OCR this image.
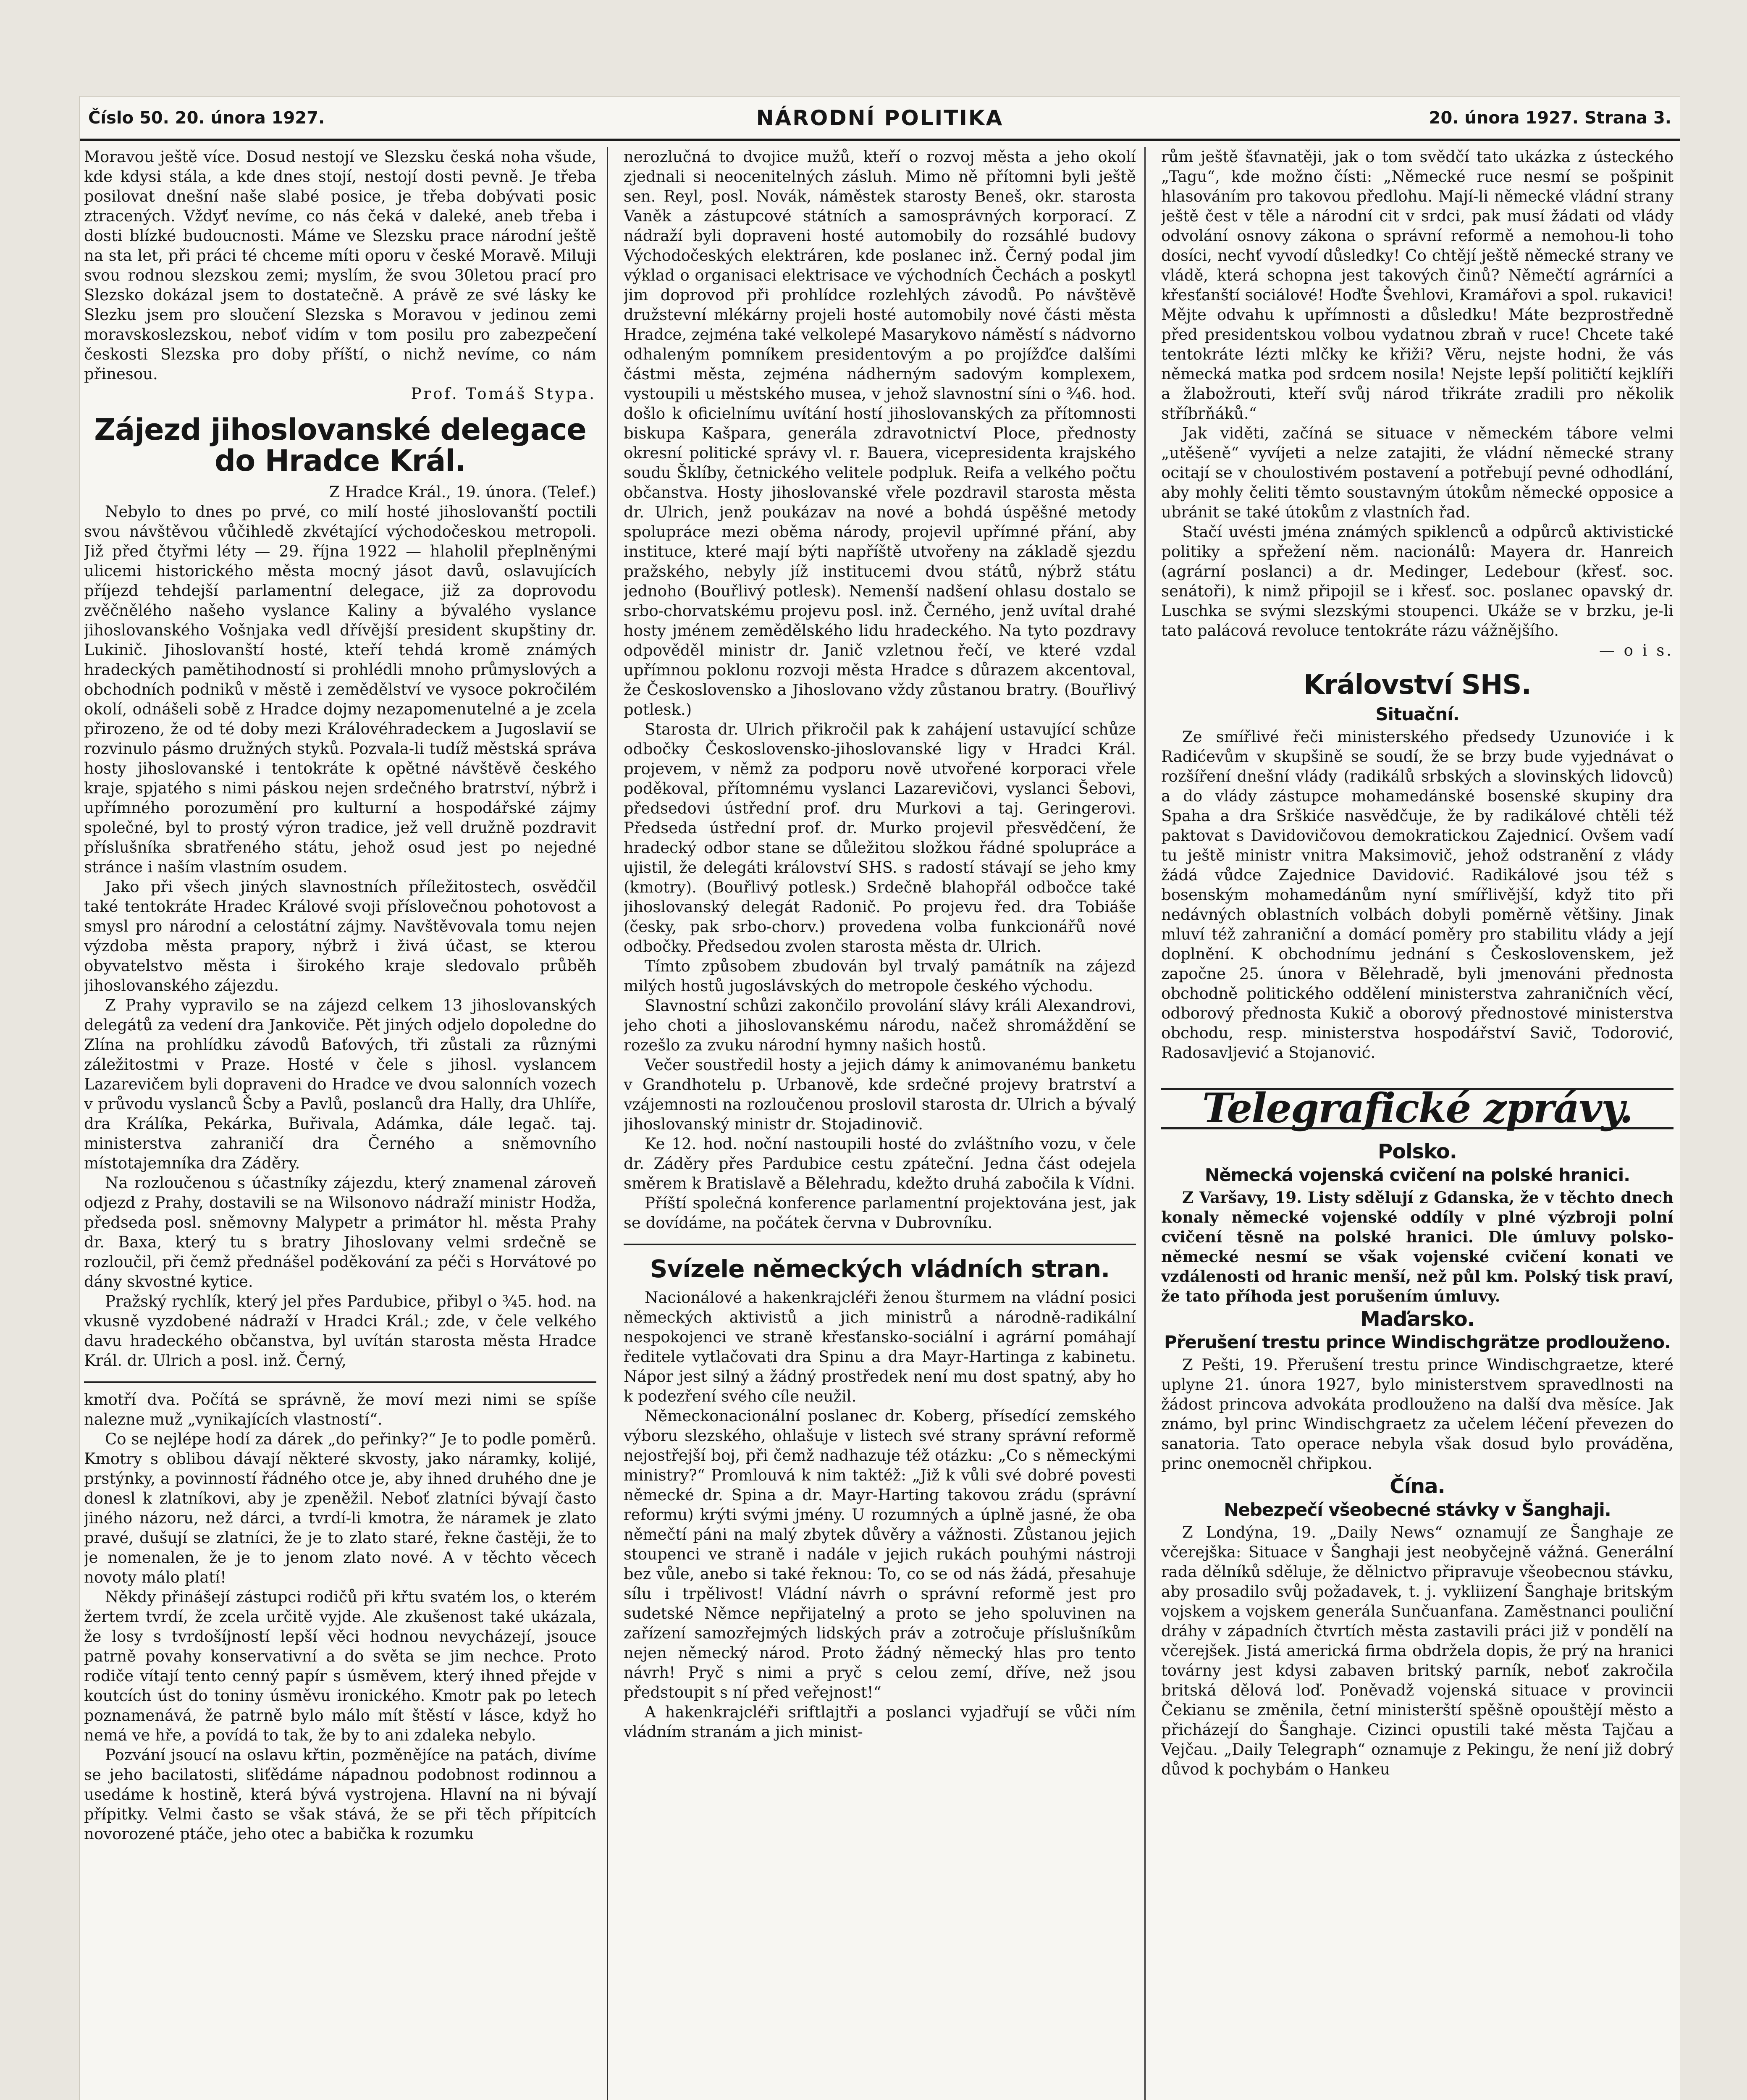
Číslo 50. 20. února 1927.	NÁRODNÍ POLITIKA	20. února 1927. Strana 3.

Moravou ještě více. Dosud nestojí ve Slezsku česká noha všude, kde kdysi stála, a kde dnes stojí, nestojí dosti pevně. Je třeba posilovat dnešní naše slabé posice, je třeba dobývati posic ztracených. Vždyť nevíme, co nás čeká v daleké, aneb třeba i dosti blízké budoucnosti. Máme ve Slezsku prace národní ještě na sta let, při práci té chceme míti oporu v české Moravě. Miluji svou rodnou slezskou zemi; myslím, že svou 30letou prací pro Slezsko dokázal jsem to dostatečně. A právě ze své lásky ke Slezku jsem pro sloučení Slezska s Moravou v jedinou zemi moravskoslezskou, neboť vidím v tom posilu pro zabezpečení českosti Slezska pro doby příští, o nichž nevíme, co nám přinesou.

Prof. Tomáš Stypa.

Zájezd jihoslovanské delegace do Hradce Král.

Z Hradce Král., 19. února. (Telef.)

Nebylo to dnes po prvé, co milí hosté jihoslovanští poctili svou návštěvou vůčihledě zkvétající východočeskou metropoli. Již před čtyřmi léty — 29. října 1922 — hlaholil přeplněnými ulicemi historického města mocný jásot davů, oslavujících příjezd tehdejší parlamentní delegace, již za doprovodu zvěčnělého našeho vyslance Kaliny a bývalého vyslance jihoslovanského Vošnjaka vedl dřívější president skupštiny dr. Lukinič. Jihoslovanští hosté, kteří tehdá kromě známých hradeckých pamětihodností si prohlédli mnoho průmyslových a obchodních podniků v městě i zemědělství ve vysoce pokročilém okolí, odnášeli sobě z Hradce dojmy nezapomenutelné a je zcela přirozeno, že od té doby mezi Královéhradeckem a Jugoslavií se rozvinulo pásmo družných styků. Pozvala-li tudíž městská správa hosty jihoslovanské i tentokráte k opětné návštěvě českého kraje, spjatého s nimi páskou nejen srdečného bratrství, nýbrž i upřímného porozumění pro kulturní a hospodářské zájmy společné, byl to prostý výron tradice, jež vell družně pozdravit příslušníka sbratřeného státu, jehož osud jest po nejedné stránce i naším vlastním osudem.

Jako při všech jiných slavnostních příležitostech, osvědčil také tentokráte Hradec Králové svoji příslovečnou pohotovost a smysl pro národní a celostátní zájmy. Navštěvovala tomu nejen výzdoba města prapory, nýbrž i živá účast, se kterou obyvatelstvo města i širokého kraje sledovalo průběh jihoslovanského zájezdu.

Z Prahy vypravilo se na zájezd celkem 13 jihoslovanských delegátů za vedení dra Jankoviče. Pět jiných odjelo dopoledne do Zlína na prohlídku závodů Baťových, tři zůstali za různými záležitostmi v Praze. Hosté v čele s jihosl. vyslancem Lazarevičem byli dopraveni do Hradce ve dvou salonních vozech v průvodu vyslanců Šcby a Pavlů, poslanců dra Hally, dra Uhlíře, dra Králíka, Pekárka, Buřivala, Adámka, dále legač. taj. ministerstva zahraničí dra Černého a sněmovního místotajemníka dra Záděry.

Na rozloučenou s účastníky zájezdu, který znamenal zároveň odjezd z Prahy, dostavili se na Wilsonovo nádraží ministr Hodža, předseda posl. sněmovny Malypetr a primátor hl. města Prahy dr. Baxa, který tu s bratry Jihoslovany velmi srdečně se rozloučil, při čemž přednášel poděkování za péči s Horvátové po dány skvostné kytice.

Pražský rychlík, který jel přes Pardubice, přibyl o ¾5. hod. na vkusně vyzdobené nádraží v Hradci Král.; zde, v čele velkého davu hradeckého občanstva, byl uvítán starosta města Hradce Král. dr. Ulrich a posl. inž. Černý,

kmotří dva. Počítá se správně, že moví mezi nimi se spíše nalezne muž „vynikajících vlastností“.

Co se nejlépe hodí za dárek „do peřinky?“ Je to podle poměrů. Kmotry s oblibou dávají některé skvosty, jako náramky, kolijé, prstýnky, a povinností řádného otce je, aby ihned druhého dne je donesl k zlatníkovi, aby je zpeněžil. Neboť zlatníci bývají často jiného názoru, než dárci, a tvrdí-li kmotra, že náramek je zlato pravé, dušují se zlatníci, že je to zlato staré, řekne častěji, že to je nomenalen, že je to jenom zlato nové. A v těchto věcech novoty málo platí!

Někdy přinášejí zástupci rodičů při křtu svatém los, o kterém žertem tvrdí, že zcela určitě vyjde. Ale zkušenost také ukázala, že losy s tvrdošíjností lepší věci hodnou nevycházejí, jsouce patrně povahy konservativní a do světa se jim nechce. Proto rodiče vítají tento cenný papír s úsměvem, který ihned přejde v koutcích úst do toniny úsměvu ironického. Kmotr pak po letech poznamenává, že patrně bylo málo mít štěstí v lásce, když ho nemá ve hře, a povídá to tak, že by to ani zdaleka nebylo.

Pozvání jsoucí na oslavu křtin, pozměnějíce na patách, divíme se jeho bacilatosti, sliťědáme nápadnou podobnost rodinnou a usedáme k hostině, která bývá vystrojena. Hlavní na ni bývají přípitky. Velmi často se však stává, že se při těch přípitcích novorozené ptáče, jeho otec a babička k rozumku

nerozlučná to dvojice mužů, kteří o rozvoj města a jeho okolí zjednali si neocenitelných zásluh. Mimo ně přítomni byli ještě sen. Reyl, posl. Novák, náměstek starosty Beneš, okr. starosta Vaněk a zástupcové státních a samosprávných korporací. Z nádraží byli dopraveni hosté automobily do rozsáhlé budovy Východočeských elektráren, kde poslanec inž. Černý podal jim výklad o organisaci elektrisace ve východních Čechách a poskytl jim doprovod při prohlídce rozlehlých závodů. Po návštěvě družstevní mlékárny projeli hosté automobily nové části města Hradce, zejména také velkolepé Masarykovo náměstí s nádvorno odhaleným pomníkem presidentovým a po projížďce dalšími částmi města, zejména nádherným sadovým komplexem, vystoupili u městského musea, v jehož slavnostní síni o ¾6. hod. došlo k oficielnímu uvítání hostí jihoslovanských za přítomnosti biskupa Kašpara, generála zdravotnictví Ploce, přednosty okresní politické správy vl. r. Bauera, vicepresidenta krajského soudu Šklíby, četnického velitele podpluk. Reifa a velkého počtu občanstva. Hosty jihoslovanské vřele pozdravil starosta města dr. Ulrich, jenž poukázav na nové a bohdá úspěšné metody spolupráce mezi oběma národy, projevil upřímné přání, aby instituce, které mají býti napříště utvořeny na základě sjezdu pražského, nebyly jíž institucemi dvou států, nýbrž státu jednoho (Bouřlivý potlesk). Nemenší nadšení ohlasu dostalo se srbo-chorvatskému projevu posl. inž. Černého, jenž uvítal drahé hosty jménem zemědělského lidu hradeckého. Na tyto pozdravy odpověděl ministr dr. Janič vzletnou řečí, ve které vzdal upřímnou poklonu rozvoji města Hradce s důrazem akcentoval, že Československo a Jihoslovano vždy zůstanou bratry. (Bouřlivý potlesk.)

Starosta dr. Ulrich přikročil pak k zahájení ustavující schůze odbočky Československo-jihoslovanské ligy v Hradci Král. projevem, v němž za podporu nově utvořené korporaci vřele poděkoval, přítomnému vyslanci Lazarevičovi, vyslanci Šebovi, předsedovi ústřední prof. dru Murkovi a taj. Geringerovi. Předseda ústřední prof. dr. Murko projevil přesvědčení, že hradecký odbor stane se důležitou složkou řádné spolupráce a ujistil, že delegáti království SHS. s radostí stávají se jeho kmy (kmotry). (Bouřlivý potlesk.) Srdečně blahopřál odbočce také jihoslovanský delegát Radonič. Po projevu řed. dra Tobiáše (česky, pak srbo-chorv.) provedena volba funkcionářů nové odbočky. Předsedou zvolen starosta města dr. Ulrich.

Tímto způsobem zbudován byl trvalý památník na zájezd milých hostů jugoslávských do metropole českého východu.

Slavnostní schůzi zakončilo provolání slávy králi Alexandrovi, jeho choti a jihoslovanskému národu, načež shromáždění se rozešlo za zvuku národní hymny našich hostů.

Večer soustředil hosty a jejich dámy k animovanému banketu v Grandhotelu p. Urbanově, kde srdečné projevy bratrství a vzájemnosti na rozloučenou proslovil starosta dr. Ulrich a bývalý jihoslovanský ministr dr. Stojadinovič.

Ke 12. hod. noční nastoupili hosté do zvláštního vozu, v čele dr. Záděry přes Pardubice cestu zpáteční. Jedna část odejela směrem k Bratislavě a Bělehradu, kdežto druhá zabočila k Vídni.

Příští společná konference parlamentní projektována jest, jak se dovídáme, na počátek června v Dubrovníku.

Svízele německých vládních stran.

Nacionálové a hakenkrajcléři ženou šturmem na vládní posici německých aktivistů a jich ministrů a národně-radikální nespokojenci ve straně křesťansko-sociální i agrární pomáhají ředitele vytlačovati dra Spinu a dra Mayr-Hartinga z kabinetu. Nápor jest silný a žádný prostředek není mu dost spatný, aby ho k podezření svého cíle neužil.

Německonacionální poslanec dr. Koberg, přísedící zemského výboru slezského, ohlašuje v listech své strany správní reformě nejostřejší boj, při čemž nadhazuje též otázku: „Co s německými ministry?“ Promlouvá k nim taktéž: „Již k vůli své dobré povesti německé dr. Spina a dr. Mayr-Harting takovou zrádu (správní reformu) krýti svými jmény. U rozumných a úplně jasné, že oba němečtí páni na malý zbytek důvěry a vážnosti. Zůstanou jejich stoupenci ve straně i nadále v jejich rukách pouhými nástroji bez vůle, anebo si také řeknou: To, co se od nás žádá, přesahuje sílu i trpělivost! Vládní návrh o správní reformě jest pro sudetské Němce nepřijatelný a proto se jeho spoluvinen na zařízení samozřejmých lidských práv a zotročuje příslušníkům nejen německý národ. Proto žádný německý hlas pro tento návrh! Pryč s nimi a pryč s celou zemí, dříve, než jsou předstoupit s ní před veřejnost!“

A hakenkrajcléři sriftlajtři a poslanci vyjadřují se vůči ním vládním stranám a jich minist-

rům ještě šťavnatěji, jak o tom svědčí tato ukázka z ústeckého „Tagu“, kde možno čísti: „Německé ruce nesmí se pošpinit hlasováním pro takovou předlohu. Mají-li německé vládní strany ještě čest v těle a národní cit v srdci, pak musí žádati od vlády odvolání osnovy zákona o správní reformě a nemohou-li toho dosíci, nechť vyvodí důsledky! Co chtějí ještě německé strany ve vládě, která schopna jest takových činů? Němečtí agrárníci a křesťanští sociálové! Hoďte Švehlovi, Kramářovi a spol. rukavici! Mějte odvahu k upřímnosti a důsledku! Máte bezprostředně před presidentskou volbou vydatnou zbraň v ruce! Chcete také tentokráte lézti mlčky ke křiži? Věru, nejste hodni, že vás německá matka pod srdcem nosila! Nejste lepší političtí kejklíři a žlabožrouti, kteří svůj národ třikráte zradili pro několik stříbrňáků.“

Jak viděti, začíná se situace v německém tábore velmi „utěšeně“ vyvíjeti a nelze zatajiti, že vládní německé strany ocitají se v choulostivém postavení a potřebují pevné odhodlání, aby mohly čeliti těmto soustavným útokům německé opposice a ubránit se také útokům z vlastních řad.

Stačí uvésti jména známých spiklenců a odpůrců aktivistické politiky a spřežení něm. nacionálů: Mayera dr. Hanreich (agrární poslanci) a dr. Medinger, Ledebour (křesť. soc. senátoři), k nimž připojil se i křesť. soc. poslanec opavský dr. Luschka se svými slezskými stoupenci. Ukáže se v brzku, je-li tato palácová revoluce tentokráte rázu vážnějšího.

— o i s.

Království SHS.
Situační.

Ze smířlivé řeči ministerského předsedy Uzunoviće i k Radićevům v skupšině se soudí, že se brzy bude vyjednávat o rozšíření dnešní vlády (radikálů srbských a slovinských lidovců) a do vlády zástupce mohamedánské bosenské skupiny dra Spaha a dra Srškiće nasvědčuje, že by radikálové chtěli též paktovat s Davidovičovou demokratickou Zajednicí. Ovšem vadí tu ještě ministr vnitra Maksimovič, jehož odstranění z vlády žádá vůdce Zajednice Davidović. Radikálové jsou též s bosenským mohamedánům nyní smířlivější, když tito při nedávných oblastních volbách dobyli poměrně většiny. Jinak mluví též zahraniční a domácí poměry pro stabilitu vlády a její doplnění. K obchodnímu jednání s Československem, jež započne 25. února v Bělehradě, byli jmenováni přednosta obchodně politického oddělení ministerstva zahraničních věcí, odborový přednosta Kukič a oborový přednostové ministerstva obchodu, resp. ministerstva hospodářství Savič, Todorović, Radosavljević a Stojanović.

Telegrafické zprávy.
Polsko.
Německá vojenská cvičení na polské hranici.

Z Varšavy, 19. Listy sdělují z Gdanska, že v těchto dnech konaly německé vojenské oddíly v plné výzbroji polní cvičení těsně na polské hranici. Dle úmluvy polsko-německé nesmí se však vojenské cvičení konati ve vzdálenosti od hranic menší, než půl km. Polský tisk praví, že tato příhoda jest porušením úmluvy.

Maďarsko.
Přerušení trestu prince Windischgrätze prodlouženo.

Z Pešti, 19. Přerušení trestu prince Windischgraetze, které uplyne 21. února 1927, bylo ministerstvem spravedlnosti na žádost princova advokáta prodlouženo na další dva měsíce. Jak známo, byl princ Windischgraetz za učelem léčení převezen do sanatoria. Tato operace nebyla však dosud bylo prováděna, princ onemocněl chřipkou.

Čína.
Nebezpečí všeobecné stávky v Šanghaji.

Z Londýna, 19. „Daily News“ oznamují ze Šanghaje ze včerejška: Situace v Šanghaji jest neobyčejně vážná. Generální rada dělníků sděluje, že dělnictvo připravuje všeobecnou stávku, aby prosadilo svůj požadavek, t. j. vykliizení Šanghaje britským vojskem a vojskem generála Sunčuanfana. Zaměstnanci pouliční dráhy v západních čtvrtích města zastavili práci již v pondělí na včerejšek. Jistá americká firma obdržela dopis, že prý na hranici továrny jest kdysi zabaven britský parník, neboť zakročila britská dělová loď. Poněvadž vojenská situace v provincii Čekianu se změnila, četní ministerští spěšně opouštějí město a přicházejí do Šanghaje. Cizinci opustili také města Tajčau a Vejčau. „Daily Telegraph“ oznamuje z Pekingu, že není již dobrý důvod k pochybám o Hankeu
